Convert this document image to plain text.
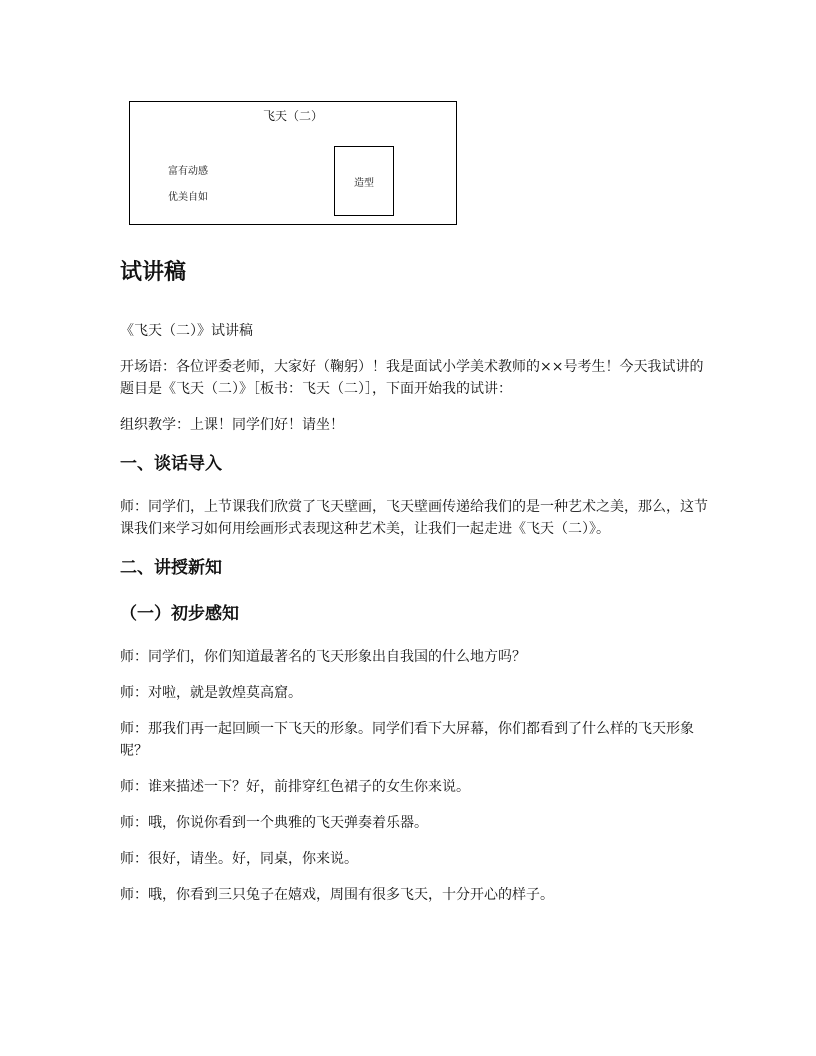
飞天（二）
富有动感
优美自如
造型
试讲稿

《飞天（二）》试讲稿

开场语：各位评委老师，大家好（鞠躬）！我是面试小学美术教师的××号考生！今天我试讲的题目是《飞天（二）》［板书：飞天（二）］，下面开始我的试讲：

组织教学：上课！同学们好！请坐！

一、谈话导入

师：同学们，上节课我们欣赏了飞天壁画，飞天壁画传递给我们的是一种艺术之美，那么，这节课我们来学习如何用绘画形式表现这种艺术美，让我们一起走进《飞天（二）》。

二、讲授新知
（一）初步感知

师：同学们，你们知道最著名的飞天形象出自我国的什么地方吗？

师：对啦，就是敦煌莫高窟。

师：那我们再一起回顾一下飞天的形象。同学们看下大屏幕，你们都看到了什么样的飞天形象呢？

师：谁来描述一下？好，前排穿红色裙子的女生你来说。

师：哦，你说你看到一个典雅的飞天弹奏着乐器。

师：很好，请坐。好，同桌，你来说。

师：哦，你看到三只兔子在嬉戏，周围有很多飞天，十分开心的样子。
